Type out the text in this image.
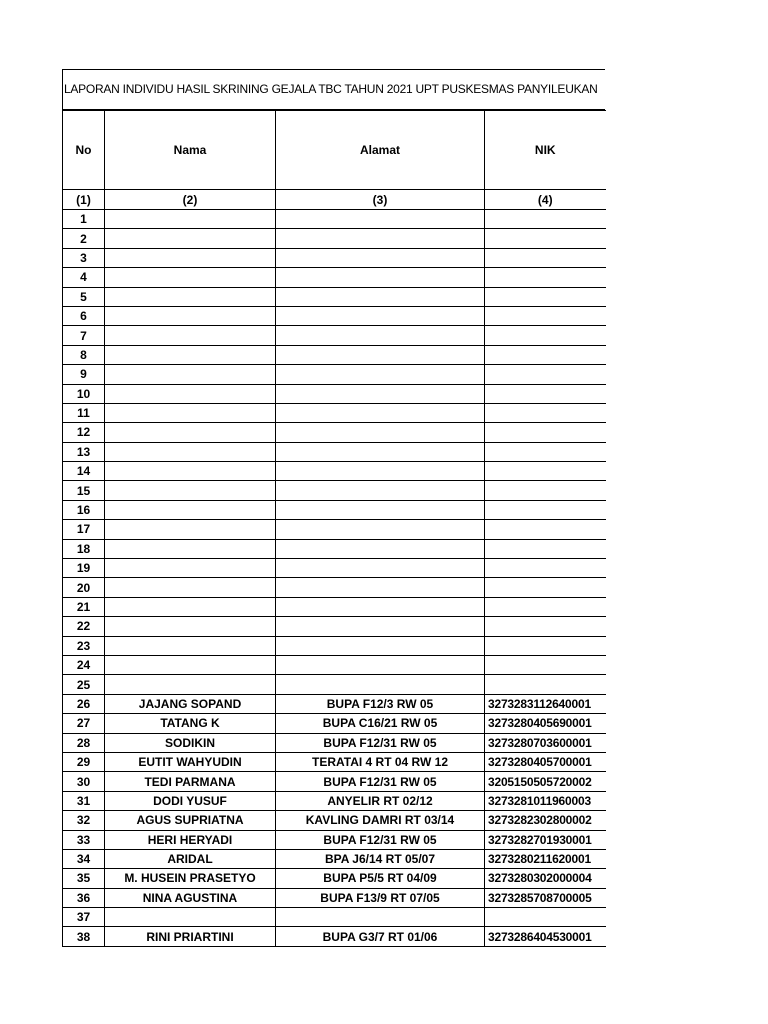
LAPORAN INDIVIDU HASIL SKRINING GEJALA TBC TAHUN 2021 UPT PUSKESMAS PANYILEUKAN
No	Nama	Alamat	NIK
(1)	(2)	(3)	(4)
1			
2			
3			
4			
5			
6			
7			
8			
9			
10			
11			
12			
13			
14			
15			
16			
17			
18			
19			
20			
21			
22			
23			
24			
25			
26	JAJANG SOPAND	BUPA F12/3 RW 05	3273283112640001
27	TATANG K	BUPA C16/21 RW 05	3273280405690001
28	SODIKIN	BUPA F12/31 RW 05	3273280703600001
29	EUTIT WAHYUDIN	TERATAI 4 RT 04 RW 12	3273280405700001
30	TEDI PARMANA	BUPA F12/31 RW 05	3205150505720002
31	DODI YUSUF	ANYELIR RT 02/12	3273281011960003
32	AGUS SUPRIATNA	KAVLING DAMRI RT 03/14	3273282302800002
33	HERI HERYADI	BUPA F12/31 RW 05	3273282701930001
34	ARIDAL	BPA J6/14 RT 05/07	3273280211620001
35	M. HUSEIN PRASETYO	BUPA P5/5 RT 04/09	3273280302000004
36	NINA AGUSTINA	BUPA F13/9 RT 07/05	3273285708700005
37			
38	RINI PRIARTINI	BUPA G3/7 RT 01/06	3273286404530001
